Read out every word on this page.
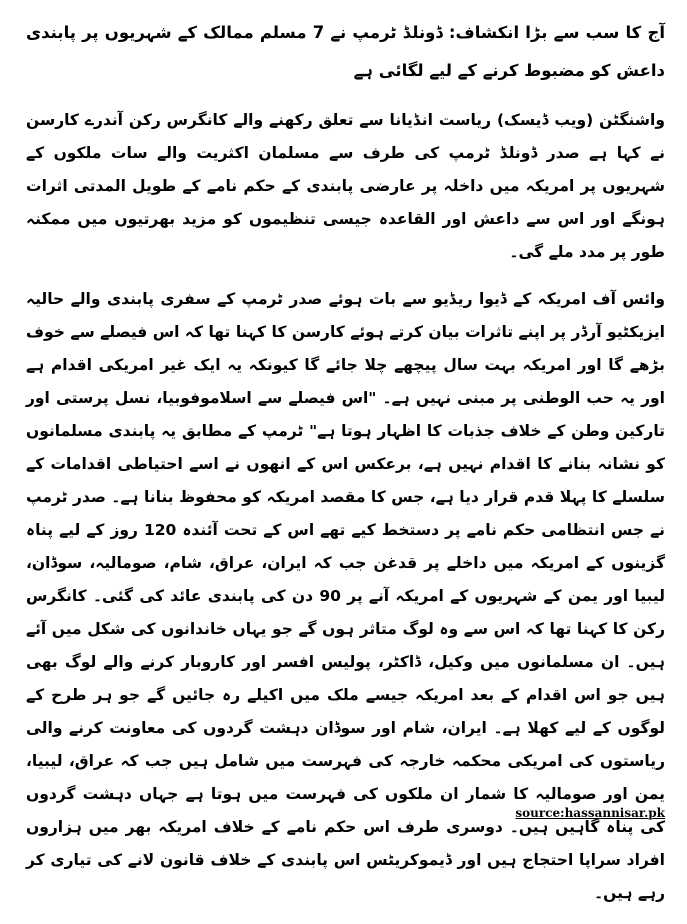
آج کا سب سے بڑا انکشاف: ڈونلڈ ٹرمپ نے 7 مسلم ممالک کے شہریوں پر پابندی داعش کو مضبوط کرنے کے لیے لگائی ہے

واشنگٹن (ویب ڈیسک) ریاست انڈیانا سے تعلق رکھنے والے کانگرس رکن آندرے کارسن نے کہا ہے صدر ڈونلڈ ٹرمپ کی طرف سے مسلمان اکثریت والے سات ملکوں کے شہریوں پر امریکہ میں داخلہ پر عارضی پابندی کے حکم نامے کے طویل المدتی اثرات ہونگے اور اس سے داعش اور القاعدہ جیسی تنظیموں کو مزید بھرتیوں میں ممکنہ طور پر مدد ملے گی۔

وائس آف امریکہ کے ڈیوا ریڈیو سے بات ہوئے صدر ٹرمپ کے سفری پابندی والے حالیہ ایزیکٹیو آرڈر پر اپنے تاثرات بیان کرتے ہوئے کارسن کا کہنا تھا کہ اس فیصلے سے خوف بڑھے گا اور امریکہ بہت سال پیچھے چلا جائے گا کیونکہ یہ ایک غیر امریکی اقدام ہے اور یہ حب الوطنی پر مبنی نہیں ہے۔ "اس فیصلے سے اسلاموفوبیا، نسل پرستی اور تارکین وطن کے خلاف جذبات کا اظہار ہوتا ہے" ٹرمپ کے مطابق یہ پابندی مسلمانوں کو نشانہ بنانے کا اقدام نہیں ہے، برعکس اس کے انھوں نے اسے احتیاطی اقدامات کے سلسلے کا پہلا قدم قرار دیا ہے، جس کا مقصد امریکہ کو محفوظ بنانا ہے۔ صدر ٹرمپ نے جس انتظامی حکم نامے پر دستخط کیے تھے اس کے تحت آئندہ 120 روز کے لیے پناہ گزینوں کے امریکہ میں داخلے پر قدغن جب کہ ایران، عراق، شام، صومالیہ، سوڈان، لیبیا اور یمن کے شہریوں کے امریکہ آنے پر 90 دن کی پابندی عائد کی گئی۔ کانگرس رکن کا کہنا تھا کہ اس سے وہ لوگ متاثر ہوں گے جو یہاں خاندانوں کی شکل میں آئے ہیں۔ ان مسلمانوں میں وکیل، ڈاکٹر، پولیس افسر اور کاروبار کرنے والے لوگ بھی ہیں جو اس اقدام کے بعد امریکہ جیسے ملک میں اکیلے رہ جائیں گے جو ہر طرح کے لوگوں کے لیے کھلا ہے۔ ایران، شام اور سوڈان دہشت گردوں کی معاونت کرنے والی ریاستوں کی امریکی محکمہ خارجہ کی فہرست میں شامل ہیں جب کہ عراق، لیبیا، یمن اور صومالیہ کا شمار ان ملکوں کی فہرست میں ہوتا ہے جہاں دہشت گردوں کی پناہ گاہیں ہیں۔ دوسری طرف اس حکم نامے کے خلاف امریکہ بھر میں ہزاروں افراد سراپا احتجاج ہیں اور ڈیموکریٹس اس پابندی کے خلاف قانون لانے کی تیاری کر رہے ہیں۔

source:hassannisar.pk
